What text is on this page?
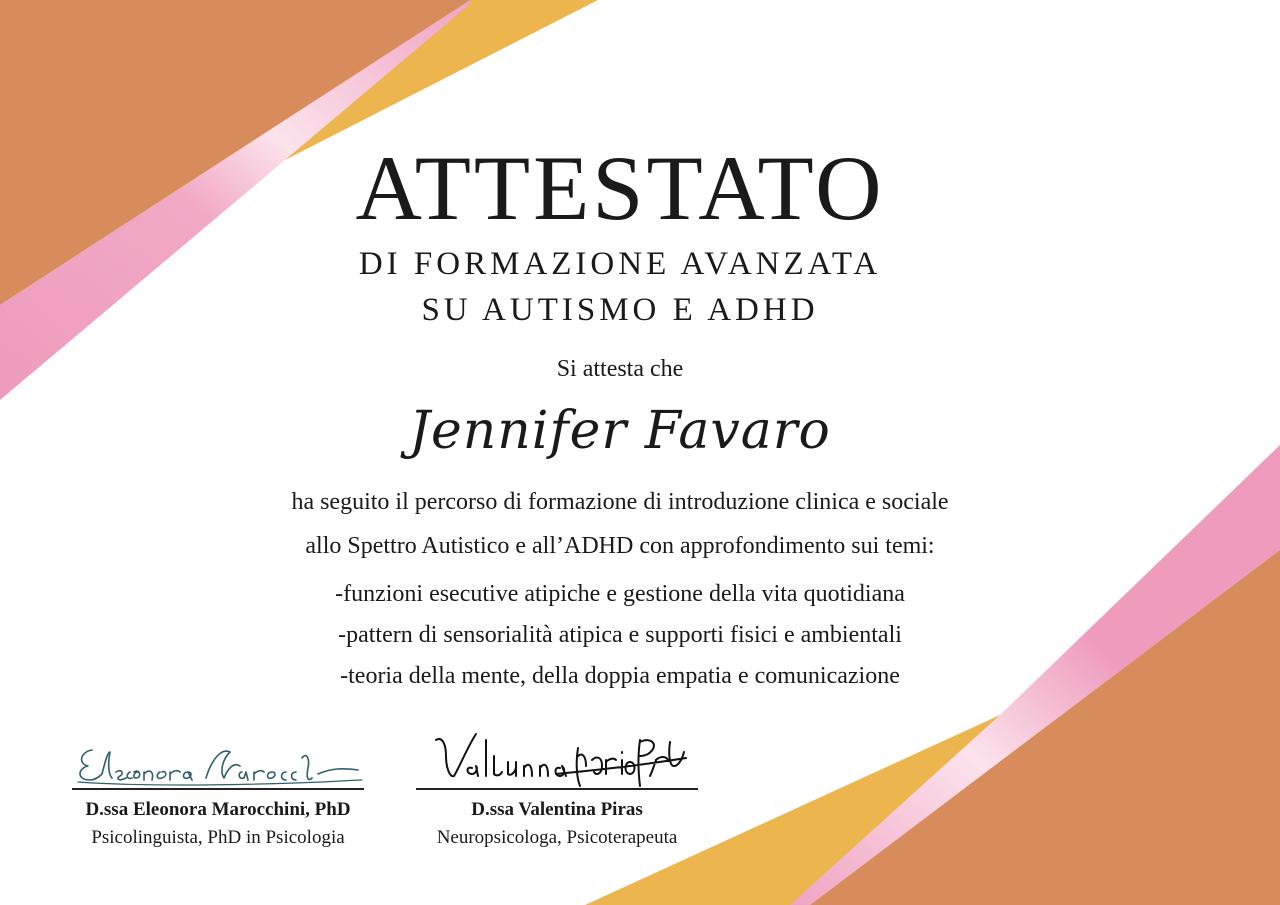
ATTESTATO
DI FORMAZIONE AVANZATA
SU AUTISMO E ADHD
Si attesta che
Jennifer Favaro
ha seguito il percorso di formazione di introduzione clinica e sociale
allo Spettro Autistico e all’ADHD con approfondimento sui temi:
-funzioni esecutive atipiche e gestione della vita quotidiana
-pattern di sensorialità atipica e supporti fisici e ambientali
-teoria della mente, della doppia empatia e comunicazione
D.ssa Eleonora Marocchini, PhD
Psicolinguista, PhD in Psicologia
D.ssa Valentina Piras
Neuropsicologa, Psicoterapeuta
